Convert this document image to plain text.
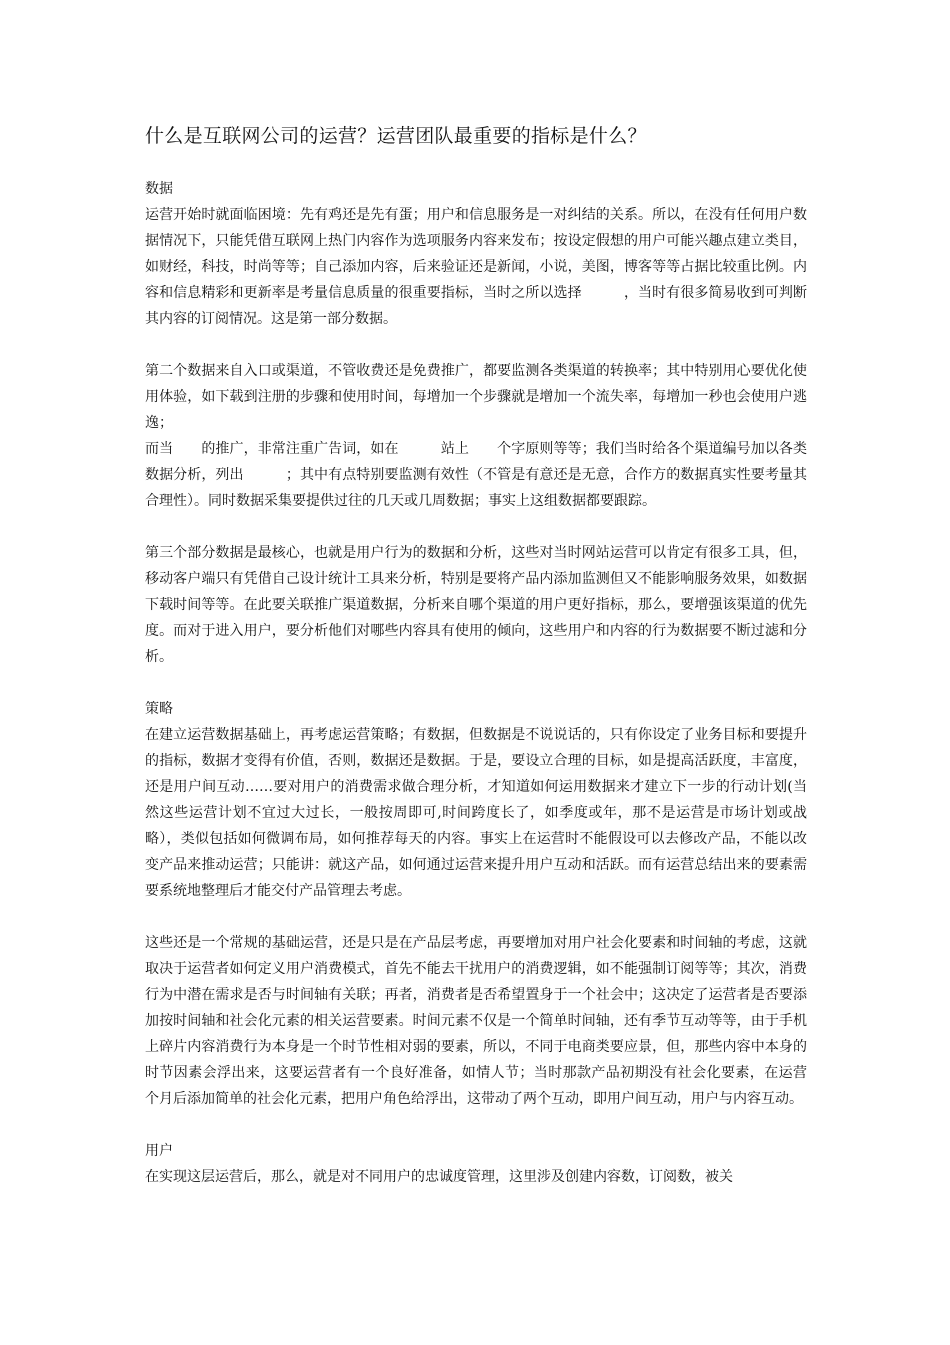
什么是互联网公司的运营？运营团队最重要的指标是什么？

数据

运营开始时就面临困境：先有鸡还是先有蛋；用户和信息服务是一对纠结的关系。所以，在没有任何用户数据情况下，只能凭借互联网上热门内容作为选项服务内容来发布；按设定假想的用户可能兴趣点建立类目，如财经，科技，时尚等等；自己添加内容，后来验证还是新闻，小说，美图，博客等等占据比较重比例。内容和信息精彩和更新率是考量信息质量的很重要指标，当时之所以选择　　　，当时有很多简易收到可判断其内容的订阅情况。这是第一部分数据。

第二个数据来自入口或渠道，不管收费还是免费推广，都要监测各类渠道的转换率；其中特别用心要优化使用体验，如下载到注册的步骤和使用时间，每增加一个步骤就是增加一个流失率，每增加一秒也会使用户逃逸；

而当　　的推广，非常注重广告词，如在　　　站上　　个字原则等等；我们当时给各个渠道编号加以各类数据分析，列出　　　；其中有点特别要监测有效性（不管是有意还是无意，合作方的数据真实性要考量其合理性）。同时数据采集要提供过往的几天或几周数据；事实上这组数据都要跟踪。

第三个部分数据是最核心，也就是用户行为的数据和分析，这些对当时网站运营可以肯定有很多工具，但，移动客户端只有凭借自己设计统计工具来分析，特别是要将产品内添加监测但又不能影响服务效果，如数据下载时间等等。在此要关联推广渠道数据，分析来自哪个渠道的用户更好指标，那么，要增强该渠道的优先度。而对于进入用户，要分析他们对哪些内容具有使用的倾向，这些用户和内容的行为数据要不断过滤和分析。

策略

在建立运营数据基础上，再考虑运营策略；有数据，但数据是不说说话的，只有你设定了业务目标和要提升的指标，数据才变得有价值，否则，数据还是数据。于是，要设立合理的目标，如是提高活跃度，丰富度，还是用户间互动……要对用户的消费需求做合理分析，才知道如何运用数据来才建立下一步的行动计划(当然这些运营计划不宜过大过长，一般按周即可,时间跨度长了，如季度或年，那不是运营是市场计划或战略），类似包括如何微调布局，如何推荐每天的内容。事实上在运营时不能假设可以去修改产品，不能以改变产品来推动运营；只能讲：就这产品，如何通过运营来提升用户互动和活跃。而有运营总结出来的要素需要系统地整理后才能交付产品管理去考虑。

这些还是一个常规的基础运营，还是只是在产品层考虑，再要增加对用户社会化要素和时间轴的考虑，这就取决于运营者如何定义用户消费模式，首先不能去干扰用户的消费逻辑，如不能强制订阅等等；其次，消费行为中潜在需求是否与时间轴有关联；再者，消费者是否希望置身于一个社会中；这决定了运营者是否要添加按时间轴和社会化元素的相关运营要素。时间元素不仅是一个简单时间轴，还有季节互动等等，由于手机上碎片内容消费行为本身是一个时节性相对弱的要素，所以，不同于电商类要应景，但，那些内容中本身的时节因素会浮出来，这要运营者有一个良好准备，如情人节；当时那款产品初期没有社会化要素，在运营　　　　个月后添加简单的社会化元素，把用户角色给浮出，这带动了两个互动，即用户间互动，用户与内容互动。

用户

在实现这层运营后，那么，就是对不同用户的忠诚度管理，这里涉及创建内容数，订阅数，被关
